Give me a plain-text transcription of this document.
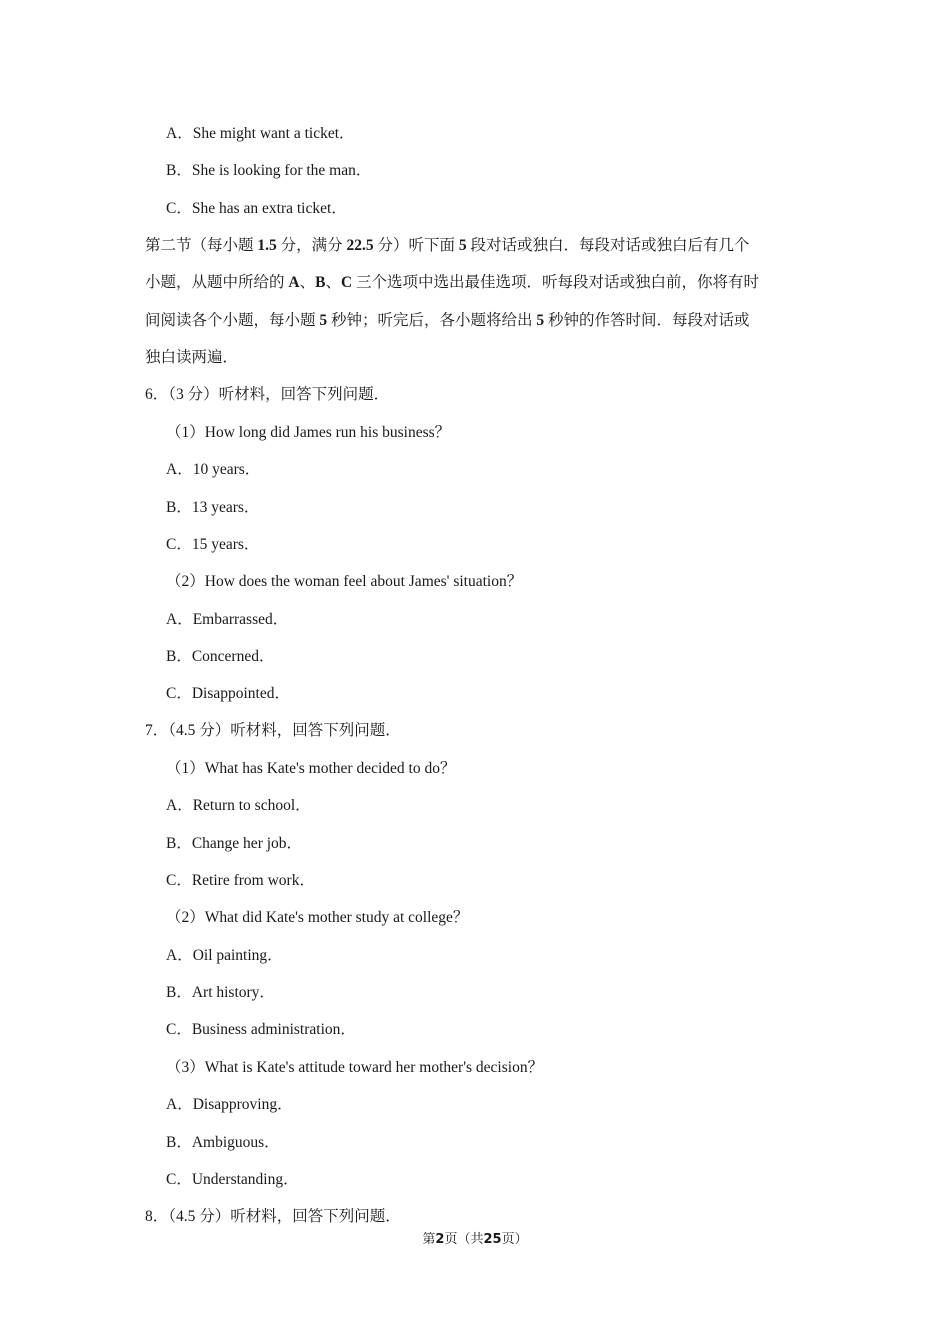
A．She might want a ticket．
B．She is looking for the man．
C．She has an extra ticket．
第二节（每小题 1.5 分，满分 22.5 分）听下面 5 段对话或独白．每段对话或独白后有几个
小题，从题中所给的 A、B、C 三个选项中选出最佳选项．听每段对话或独白前，你将有时
间阅读各个小题，每小题 5 秒钟；听完后，各小题将给出 5 秒钟的作答时间．每段对话或
独白读两遍．
6．（3 分）听材料，回答下列问题．
（1）How long did James run his business？
A．10 years．
B．13 years．
C．15 years．
（2）How does the woman feel about James' situation？
A．Embarrassed．
B．Concerned．
C．Disappointed．
7．（4.5 分）听材料，回答下列问题．
（1）What has Kate's mother decided to do？
A．Return to school．
B．Change her job．
C．Retire from work．
（2）What did Kate's mother study at college？
A．Oil painting．
B．Art history．
C．Business administration．
（3）What is Kate's attitude toward her mother's decision？
A．Disapproving．
B．Ambiguous．
C．Understanding．
8．（4.5 分）听材料，回答下列问题．
第2页（共25页）
